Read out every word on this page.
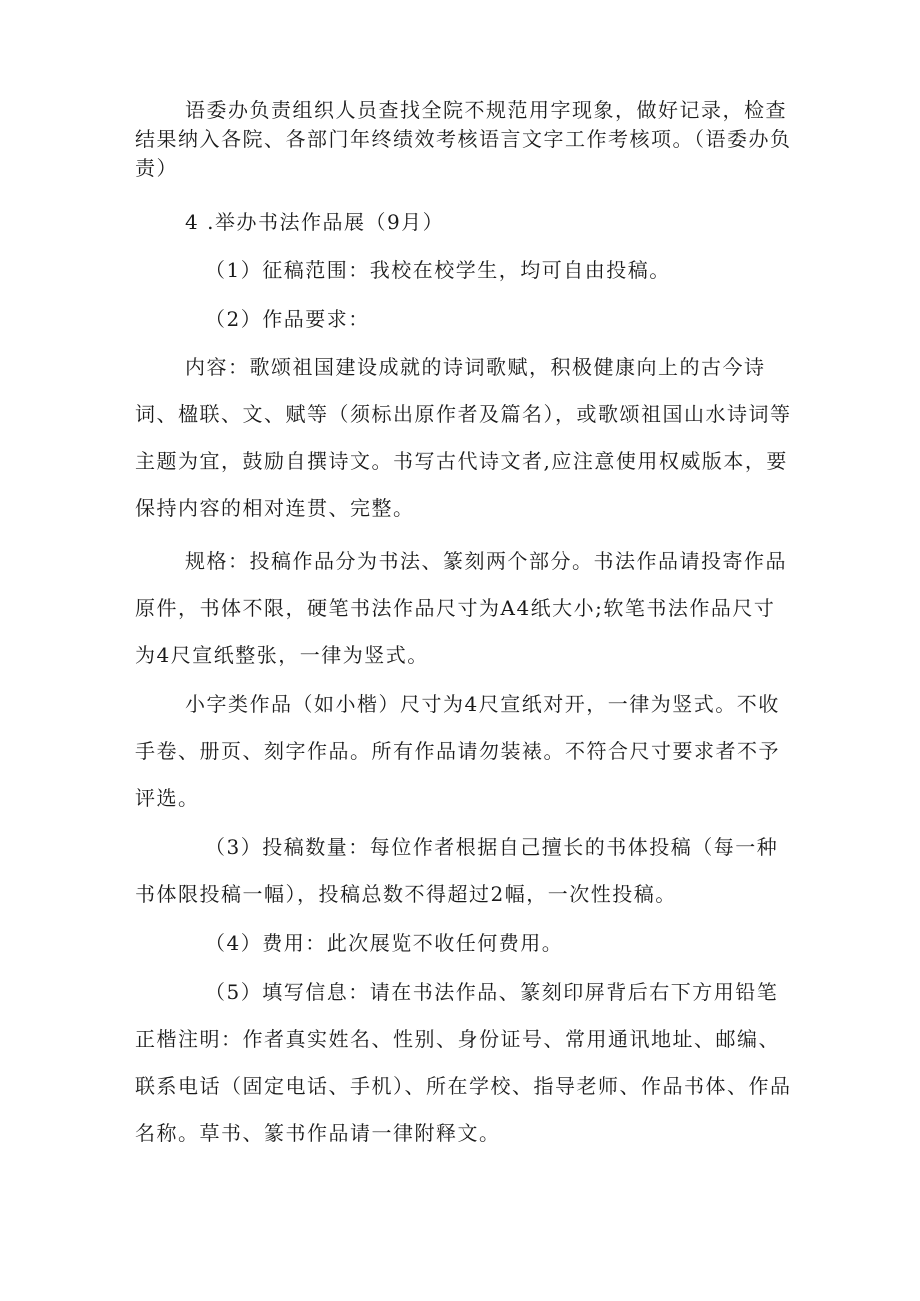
语委办负责组织人员查找全院不规范用字现象，做好记录，检查结果纳入各院、各部门年终绩效考核语言文字工作考核项。（语委办负责）

4 .举办书法作品展（9月）

（1）征稿范围：我校在校学生，均可自由投稿。

（2）作品要求：

内容：歌颂祖国建设成就的诗词歌赋，积极健康向上的古今诗词、楹联、文、赋等（须标出原作者及篇名），或歌颂祖国山水诗词等主题为宜，鼓励自撰诗文。书写古代诗文者,应注意使用权威版本，要保持内容的相对连贯、完整。

规格：投稿作品分为书法、篆刻两个部分。书法作品请投寄作品原件，书体不限，硬笔书法作品尺寸为A4纸大小;软笔书法作品尺寸为4尺宣纸整张，一律为竖式。

小字类作品（如小楷）尺寸为4尺宣纸对开，一律为竖式。不收手卷、册页、刻字作品。所有作品请勿装裱。不符合尺寸要求者不予评选。

（3）投稿数量：每位作者根据自己擅长的书体投稿（每一种书体限投稿一幅），投稿总数不得超过2幅，一次性投稿。

（4）费用：此次展览不收任何费用。

（5）填写信息：请在书法作品、篆刻印屏背后右下方用铅笔正楷注明：作者真实姓名、性别、身份证号、常用通讯地址、邮编、联系电话（固定电话、手机）、所在学校、指导老师、作品书体、作品名称。草书、篆书作品请一律附释文。
